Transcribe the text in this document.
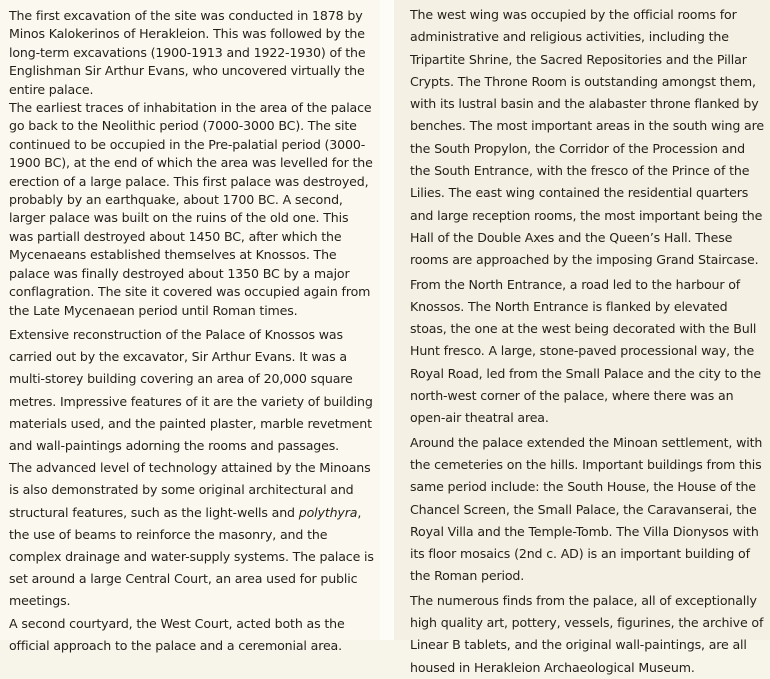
The first excavation of the site was conducted in 1878 by Minos Kalokerinos of Herakleion. This was followed by the long-term excavations (1900-1913 and 1922-1930) of the Englishman Sir Arthur Evans, who uncovered virtually the entire palace.

The earliest traces of inhabitation in the area of the palace go back to the Neolithic period (7000-3000 BC). The site continued to be occupied in the Pre-palatial period (3000-1900 BC), at the end of which the area was levelled for the erection of a large palace. This first palace was destroyed, probably by an earthquake, about 1700 BC. A second, larger palace was built on the ruins of the old one. This was partiall destroyed about 1450 BC, after which the Mycenaeans established themselves at Knossos. The palace was finally destroyed about 1350 BC by a major conflagration. The site it covered was occupied again from the Late Mycenaean period until Roman times.

Extensive reconstruction of the Palace of Knossos was carried out by the excavator, Sir Arthur Evans. It was a multi-storey building covering an area of 20,000 square metres. Impressive features of it are the variety of building materials used, and the painted plaster, marble revetment and wall-paintings adorning the rooms and passages.

The advanced level of technology attained by the Minoans is also demonstrated by some original architectural and structural features, such as the light-wells and polythyra, the use of beams to reinforce the masonry, and the complex drainage and water-supply systems. The palace is set around a large Central Court, an area used for public meetings.

A second courtyard, the West Court, acted both as the official approach to the palace and a ceremonial area.

The west wing was occupied by the official rooms for administrative and religious activities, including the Tripartite Shrine, the Sacred Repositories and the Pillar Crypts. The Throne Room is outstanding amongst them, with its lustral basin and the alabaster throne flanked by benches. The most important areas in the south wing are the South Propylon, the Corridor of the Procession and the South Entrance, with the fresco of the Prince of the Lilies. The east wing contained the residential quarters and large reception rooms, the most important being the Hall of the Double Axes and the Queen’s Hall. These rooms are approached by the imposing Grand Staircase.

From the North Entrance, a road led to the harbour of Knossos. The North Entrance is flanked by elevated stoas, the one at the west being decorated with the Bull Hunt fresco. A large, stone-paved processional way, the Royal Road, led from the Small Palace and the city to the north-west corner of the palace, where there was an open-air theatral area.

Around the palace extended the Minoan settlement, with the cemeteries on the hills. Important buildings from this same period include: the South House, the House of the Chancel Screen, the Small Palace, the Caravanserai, the Royal Villa and the Temple-Tomb. The Villa Dionysos with its floor mosaics (2nd c. AD) is an important building of the Roman period.

The numerous finds from the palace, all of exceptionally high quality art, pottery, vessels, figurines, the archive of Linear B tablets, and the original wall-paintings, are all housed in Herakleion Archaeological Museum.
